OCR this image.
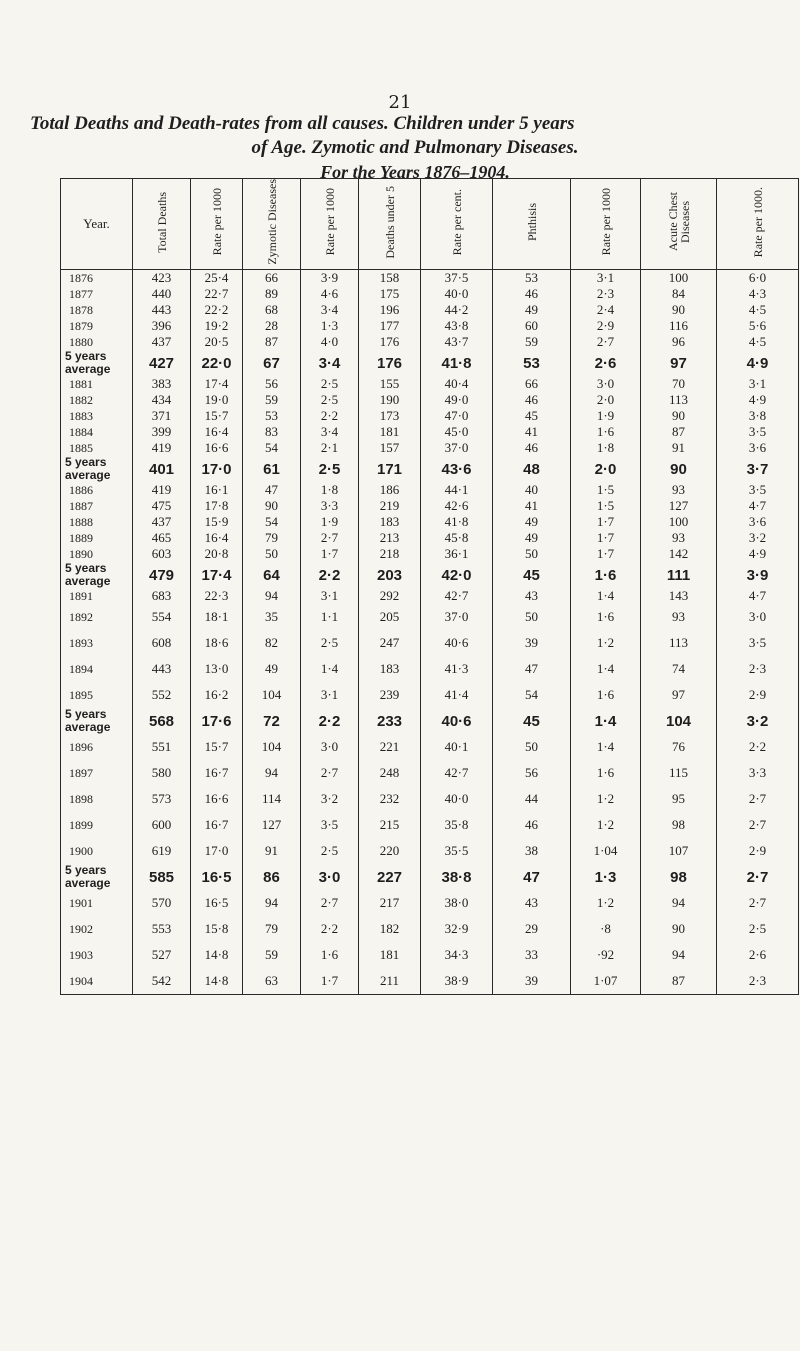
21
Total Deaths and Death-rates from all causes. Children under 5 years
of Age. Zymotic and Pulmonary Diseases.
For the Years 1876–1904.
Year.	Total Deaths	Rate per 1000	Zymotic Diseases	Rate per 1000	Deaths under 5	Rate per cent.	Phthisis	Rate per 1000	Acute Chest Diseases	Rate per 1000.
1876	423	25·4	66	3·9	158	37·5	53	3·1	100	6·0
1877	440	22·7	89	4·6	175	40·0	46	2·3	84	4·3
1878	443	22·2	68	3·4	196	44·2	49	2·4	90	4·5
1879	396	19·2	28	1·3	177	43·8	60	2·9	116	5·6
1880	437	20·5	87	4·0	176	43·7	59	2·7	96	4·5

5 years
average	427	22·0	67	3·4	176	41·8	53	2·6	97	4·9
1881	383	17·4	56	2·5	155	40·4	66	3·0	70	3·1
1882	434	19·0	59	2·5	190	49·0	46	2·0	113	4·9
1883	371	15·7	53	2·2	173	47·0	45	1·9	90	3·8
1884	399	16·4	83	3·4	181	45·0	41	1·6	87	3·5
1885	419	16·6	54	2·1	157	37·0	46	1·8	91	3·6

5 years
average	401	17·0	61	2·5	171	43·6	48	2·0	90	3·7
1886	419	16·1	47	1·8	186	44·1	40	1·5	93	3·5
1887	475	17·8	90	3·3	219	42·6	41	1·5	127	4·7
1888	437	15·9	54	1·9	183	41·8	49	1·7	100	3·6
1889	465	16·4	79	2·7	213	45·8	49	1·7	93	3·2
1890	603	20·8	50	1·7	218	36·1	50	1·7	142	4·9

5 years
average	479	17·4	64	2·2	203	42·0	45	1·6	111	3·9
1891	683	22·3	94	3·1	292	42·7	43	1·4	143	4·7
1892	554	18·1	35	1·1	205	37·0	50	1·6	93	3·0
1893	608	18·6	82	2·5	247	40·6	39	1·2	113	3·5
1894	443	13·0	49	1·4	183	41·3	47	1·4	74	2·3
1895	552	16·2	104	3·1	239	41·4	54	1·6	97	2·9

5 years
average	568	17·6	72	2·2	233	40·6	45	1·4	104	3·2
1896	551	15·7	104	3·0	221	40·1	50	1·4	76	2·2
1897	580	16·7	94	2·7	248	42·7	56	1·6	115	3·3
1898	573	16·6	114	3·2	232	40·0	44	1·2	95	2·7
1899	600	16·7	127	3·5	215	35·8	46	1·2	98	2·7
1900	619	17·0	91	2·5	220	35·5	38	1·04	107	2·9

5 years
average	585	16·5	86	3·0	227	38·8	47	1·3	98	2·7
1901	570	16·5	94	2·7	217	38·0	43	1·2	94	2·7
1902	553	15·8	79	2·2	182	32·9	29	·8	90	2·5
1903	527	14·8	59	1·6	181	34·3	33	·92	94	2·6
1904	542	14·8	63	1·7	211	38·9	39	1·07	87	2·3
